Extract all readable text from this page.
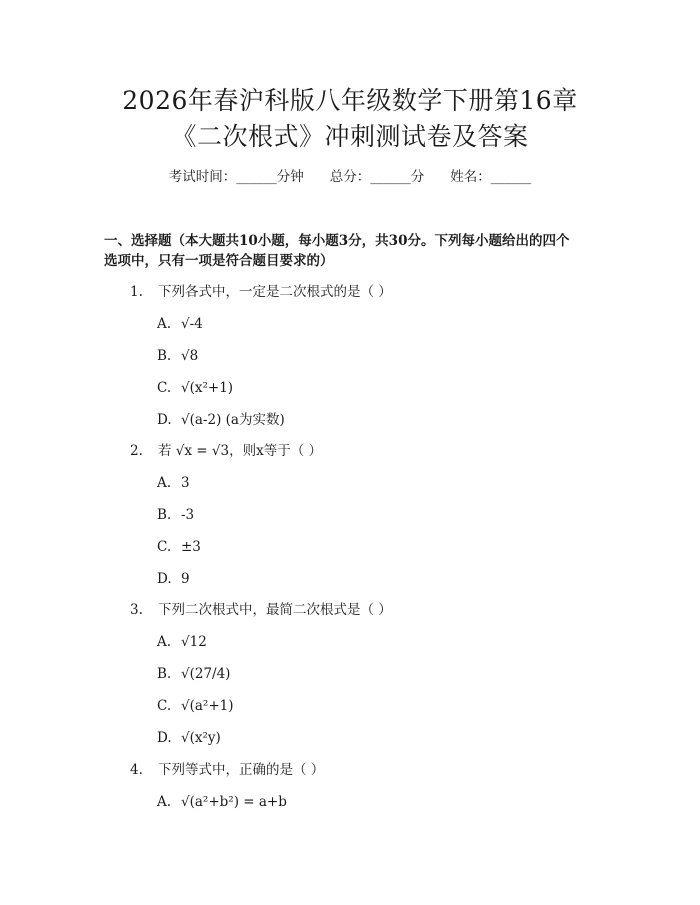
2026年春沪科版八年级数学下册第16章
《二次根式》冲刺测试卷及答案
考试时间：______分钟 总分：______分 姓名：______
一、选择题（本大题共10小题，每小题3分，共30分。下列每小题给出的四个
选项中，只有一项是符合题目要求的）
1. 下列各式中，一定是二次根式的是（ ）
A. √-4
B. √8
C. √(x²+1)
D. √(a-2) (a为实数)
2. 若 √x = √3，则x等于（ ）
A. 3
B. -3
C. ±3
D. 9
3. 下列二次根式中，最简二次根式是（ ）
A. √12
B. √(27/4)
C. √(a²+1)
D. √(x²y)
4. 下列等式中，正确的是（ ）
A. √(a²+b²) = a+b
